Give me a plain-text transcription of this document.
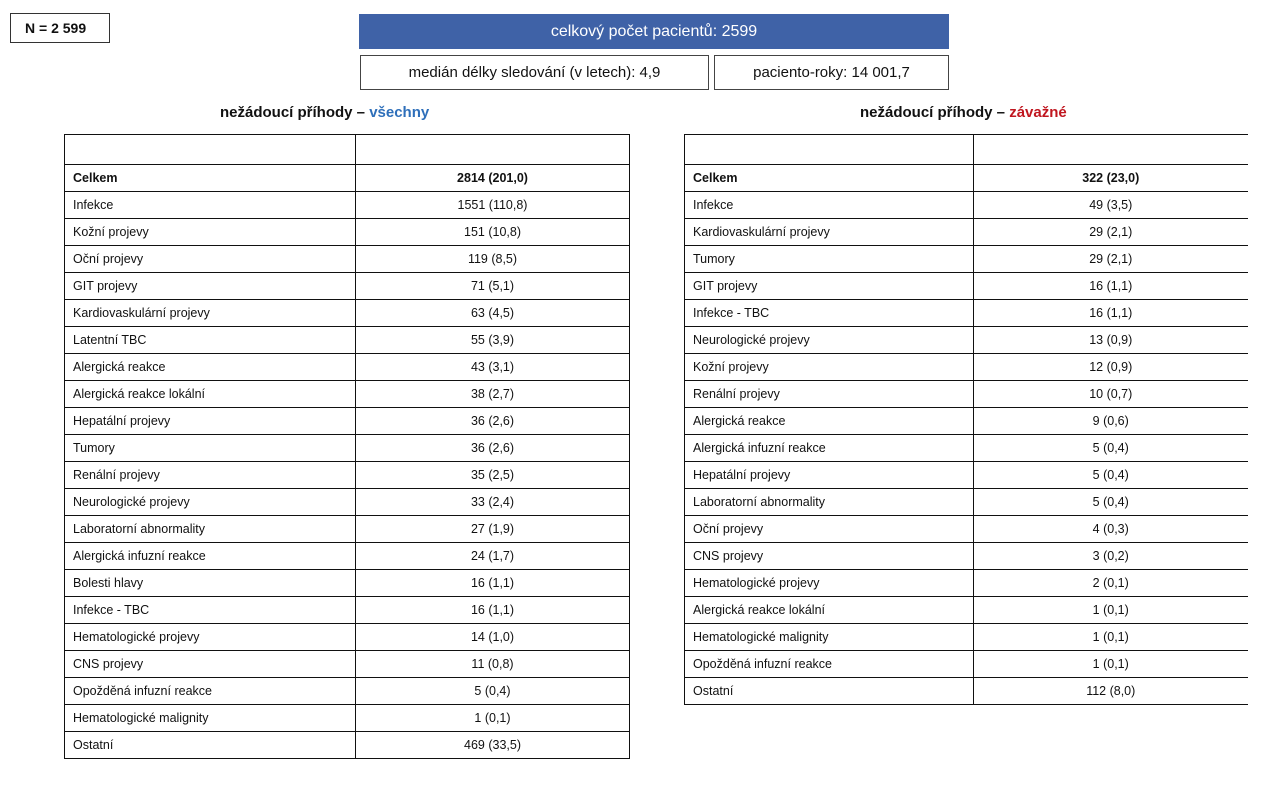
N = 2 599	celkový počet pacientů: 2599
medián délky sledování (v letech): 4,9	paciento-roky: 14 001,7
nežádoucí příhody – všechny	nežádoucí příhody – závažné

Celkem	2814 (201,0)
Infekce	1551 (110,8)
Kožní projevy	151 (10,8)
Oční projevy	119 (8,5)
GIT projevy	71 (5,1)
Kardiovaskulární projevy	63 (4,5)
Latentní TBC	55 (3,9)
Alergická reakce	43 (3,1)
Alergická reakce lokální	38 (2,7)
Hepatální projevy	36 (2,6)
Tumory	36 (2,6)
Renální projevy	35 (2,5)
Neurologické projevy	33 (2,4)
Laboratorní abnormality	27 (1,9)
Alergická infuzní reakce	24 (1,7)
Bolesti hlavy	16 (1,1)
Infekce - TBC	16 (1,1)
Hematologické projevy	14 (1,0)
CNS projevy	11 (0,8)
Opožděná infuzní reakce	5 (0,4)
Hematologické malignity	1 (0,1)
Ostatní	469 (33,5)

Celkem	322 (23,0)
Infekce	49 (3,5)
Kardiovaskulární projevy	29 (2,1)
Tumory	29 (2,1)
GIT projevy	16 (1,1)
Infekce - TBC	16 (1,1)
Neurologické projevy	13 (0,9)
Kožní projevy	12 (0,9)
Renální projevy	10 (0,7)
Alergická reakce	9 (0,6)
Alergická infuzní reakce	5 (0,4)
Hepatální projevy	5 (0,4)
Laboratorní abnormality	5 (0,4)
Oční projevy	4 (0,3)
CNS projevy	3 (0,2)
Hematologické projevy	2 (0,1)
Alergická reakce lokální	1 (0,1)
Hematologické malignity	1 (0,1)
Opožděná infuzní reakce	1 (0,1)
Ostatní	112 (8,0)
